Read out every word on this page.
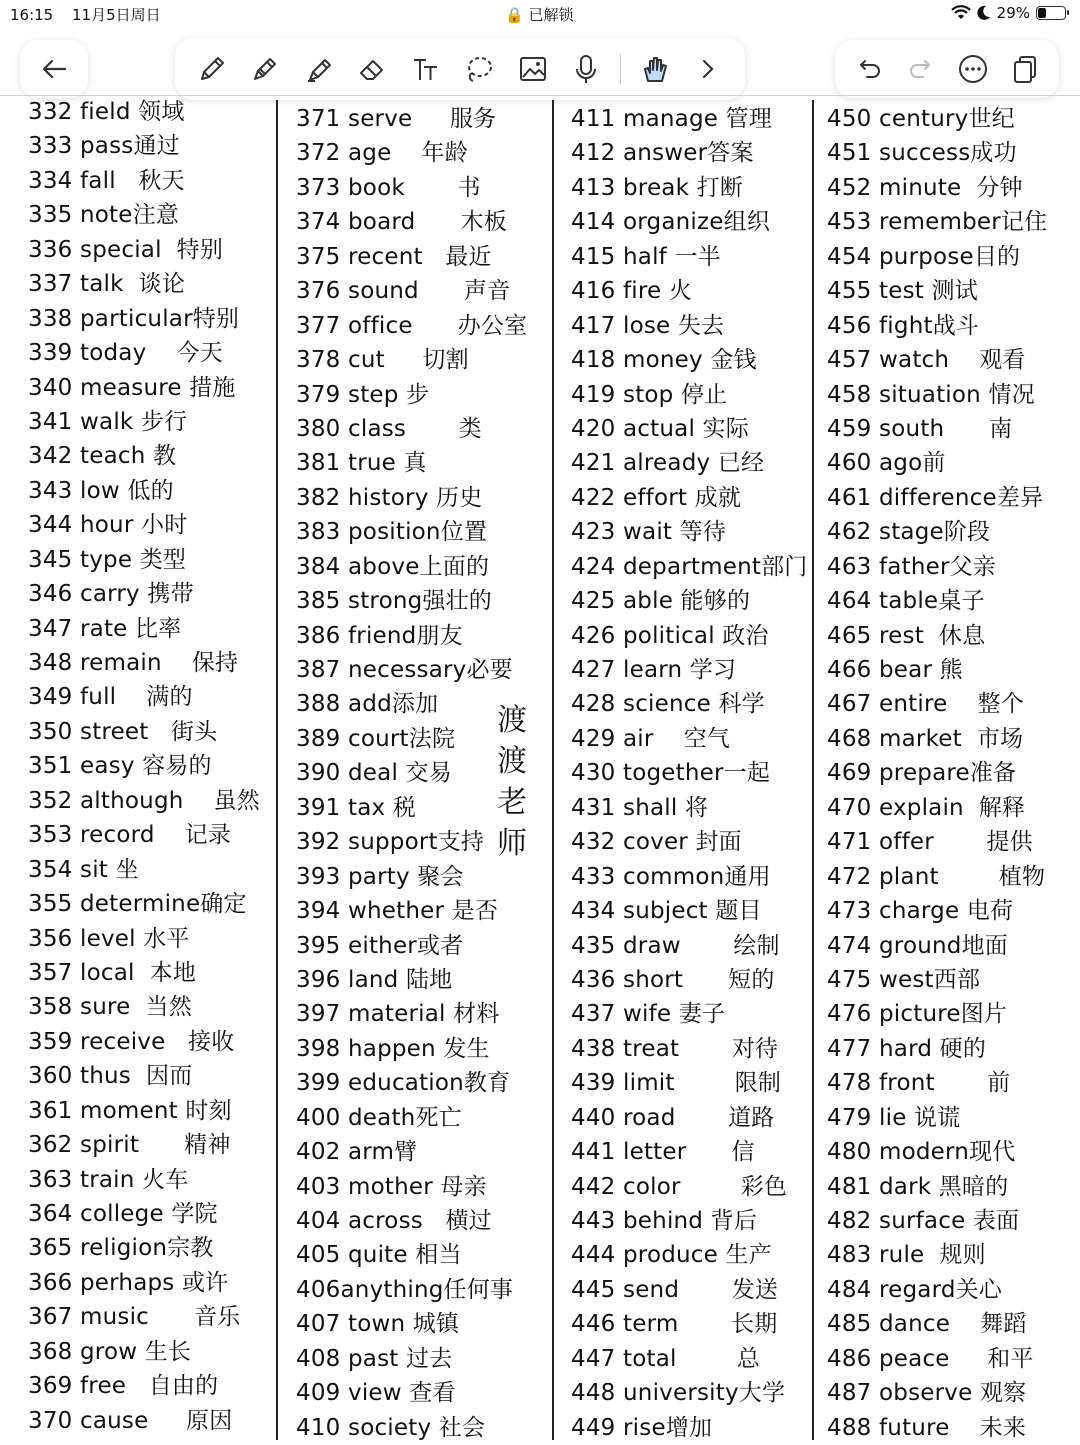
16:15 11月5日周日	🔒 已解锁	29%
332 field 领域
333 pass通过
334 fall   秋天
335 note注意
336 special  特别
337 talk  谈论
338 particular特别
339 today    今天
340 measure 措施
341 walk 步行
342 teach 教
343 low 低的
344 hour 小时
345 type 类型
346 carry 携带
347 rate 比率
348 remain    保持
349 full    满的
350 street   街头
351 easy 容易的
352 although    虽然
353 record    记录
354 sit 坐
355 determine确定
356 level 水平
357 local  本地
358 sure  当然
359 receive   接收
360 thus  因而
361 moment 时刻
362 spirit      精神
363 train 火车
364 college 学院
365 religion宗教
366 perhaps 或许
367 music      音乐
368 grow 生长
369 free   自由的
370 cause     原因
371 serve     服务
372 age    年龄
373 book       书
374 board      木板
375 recent   最近
376 sound      声音
377 office      办公室
378 cut     切割
379 step 步
380 class       类
381 true 真
382 history 历史
383 position位置
384 above上面的
385 strong强壮的
386 friend朋友
387 necessary必要
388 add添加
389 court法院
390 deal 交易
391 tax 税
392 support支持
393 party 聚会
394 whether 是否
395 either或者
396 land 陆地
397 material 材料
398 happen 发生
399 education教育
400 death死亡
402 arm臂
403 mother 母亲
404 across   横过
405 quite 相当
406anything任何事
407 town 城镇
408 past 过去
409 view 查看
410 society 社会
411 manage 管理
412 answer答案
413 break 打断
414 organize组织
415 half 一半
416 fire 火
417 lose 失去
418 money 金钱
419 stop 停止
420 actual 实际
421 already 已经
422 effort 成就
423 wait 等待
424 department部门
425 able 能够的
426 political 政治
427 learn 学习
428 science 科学
429 air    空气
430 together一起
431 shall 将
432 cover 封面
433 common通用
434 subject 题目
435 draw       绘制
436 short      短的
437 wife 妻子
438 treat       对待
439 limit        限制
440 road       道路
441 letter      信
442 color        彩色
443 behind 背后
444 produce 生产
445 send       发送
446 term       长期
447 total        总
448 university大学
449 rise增加
450 century世纪
451 success成功
452 minute  分钟
453 remember记住
454 purpose目的
455 test 测试
456 fight战斗
457 watch    观看
458 situation 情况
459 south      南
460 ago前
461 difference差异
462 stage阶段
463 father父亲
464 table桌子
465 rest  休息
466 bear 熊
467 entire    整个
468 market  市场
469 prepare准备
470 explain  解释
471 offer       提供
472 plant        植物
473 charge 电荷
474 ground地面
475 west西部
476 picture图片
477 hard 硬的
478 front       前
479 lie 说谎
480 modern现代
481 dark 黑暗的
482 surface 表面
483 rule  规则
484 regard关心
485 dance    舞蹈
486 peace     和平
487 observe 观察
488 future    未来
渡
渡
老
师
